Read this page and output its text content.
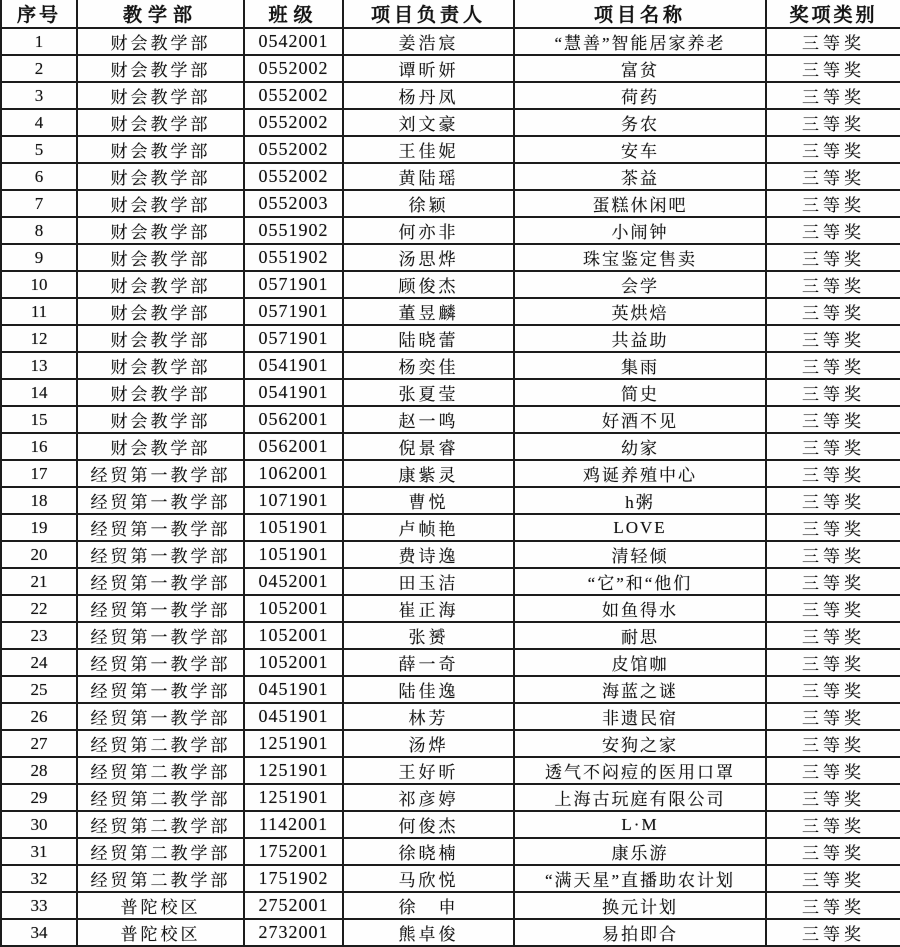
序号	教学部	班级	项目负责人	项目名称	奖项类别
1	财会教学部	0542001	姜浩宸	“慧善”智能居家养老	三等奖
2	财会教学部	0552002	谭昕妍	富贫	三等奖
3	财会教学部	0552002	杨丹凤	荷药	三等奖
4	财会教学部	0552002	刘文豪	务农	三等奖
5	财会教学部	0552002	王佳妮	安车	三等奖
6	财会教学部	0552002	黄陆瑶	茶益	三等奖
7	财会教学部	0552003	徐颖	蛋糕休闲吧	三等奖
8	财会教学部	0551902	何亦非	小闹钟	三等奖
9	财会教学部	0551902	汤思烨	珠宝鉴定售卖	三等奖
10	财会教学部	0571901	顾俊杰	会学	三等奖
11	财会教学部	0571901	董昱麟	英烘焙	三等奖
12	财会教学部	0571901	陆晓蕾	共益助	三等奖
13	财会教学部	0541901	杨奕佳	集雨	三等奖
14	财会教学部	0541901	张夏莹	简史	三等奖
15	财会教学部	0562001	赵一鸣	好酒不见	三等奖
16	财会教学部	0562001	倪景睿	幼家	三等奖
17	经贸第一教学部	1062001	康紫灵	鸡诞养殖中心	三等奖
18	经贸第一教学部	1071901	曹悦	h粥	三等奖
19	经贸第一教学部	1051901	卢帧艳	LOVE	三等奖
20	经贸第一教学部	1051901	费诗逸	清轻倾	三等奖
21	经贸第一教学部	0452001	田玉洁	“它”和“他们	三等奖
22	经贸第一教学部	1052001	崔正海	如鱼得水	三等奖
23	经贸第一教学部	1052001	张赟	耐思	三等奖
24	经贸第一教学部	1052001	薛一奇	皮馆咖	三等奖
25	经贸第一教学部	0451901	陆佳逸	海蓝之谜	三等奖
26	经贸第一教学部	0451901	林芳	非遗民宿	三等奖
27	经贸第二教学部	1251901	汤烨	安狗之家	三等奖
28	经贸第二教学部	1251901	王好昕	透气不闷痘的医用口罩	三等奖
29	经贸第二教学部	1251901	祁彦婷	上海古玩庭有限公司	三等奖
30	经贸第二教学部	1142001	何俊杰	L·M	三等奖
31	经贸第二教学部	1752001	徐晓楠	康乐游	三等奖
32	经贸第二教学部	1751902	马欣悦	“满天星”直播助农计划	三等奖
33	普陀校区	2752001	徐　申	换元计划	三等奖
34	普陀校区	2732001	熊卓俊	易拍即合	三等奖
